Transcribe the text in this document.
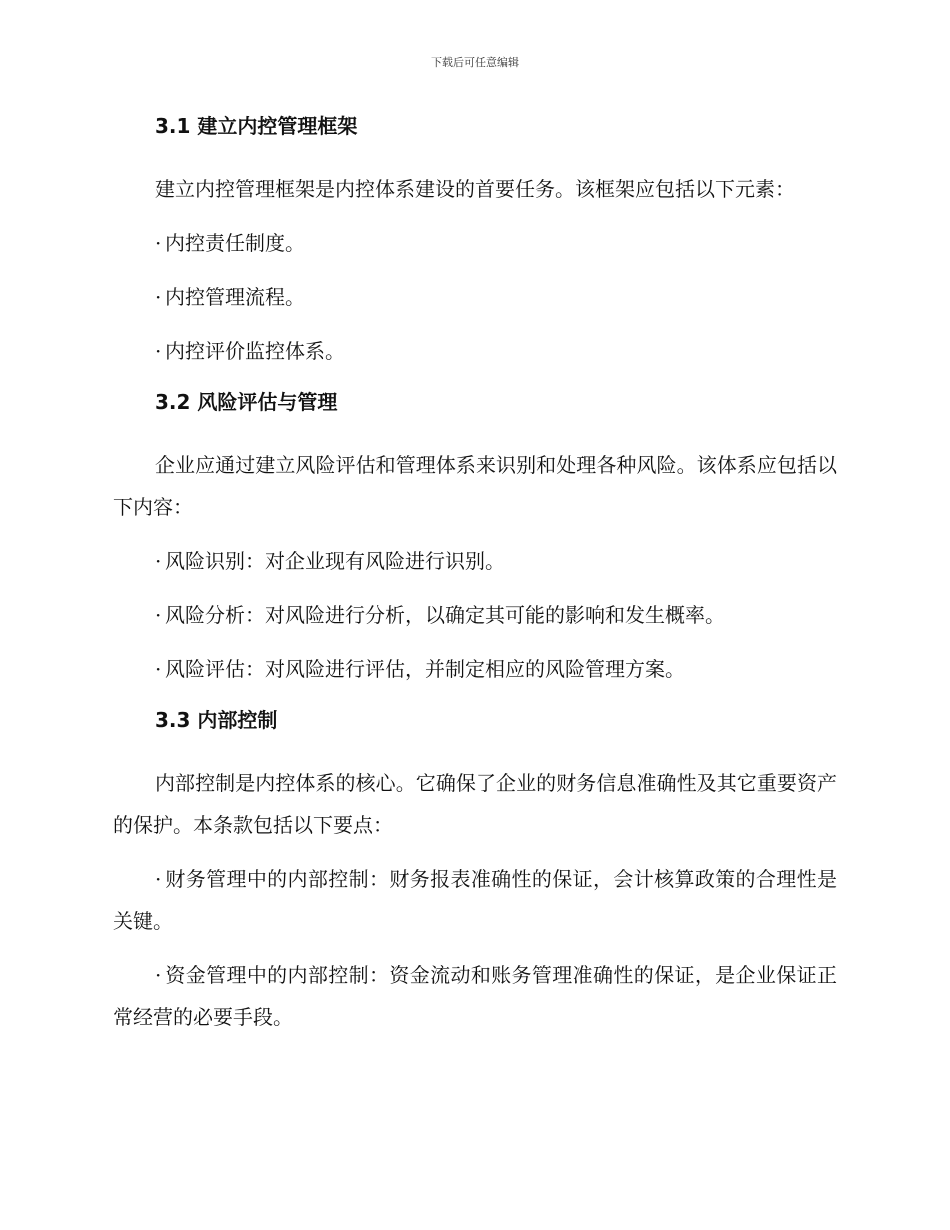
下载后可任意编辑
3.1 建立内控管理框架

建立内控管理框架是内控体系建设的首要任务。该框架应包括以下元素：

· 内控责任制度。

· 内控管理流程。

· 内控评价监控体系。

3.2 风险评估与管理

企业应通过建立风险评估和管理体系来识别和处理各种风险。该体系应包括以下内容：

· 风险识别：对企业现有风险进行识别。

· 风险分析：对风险进行分析，以确定其可能的影响和发生概率。

· 风险评估：对风险进行评估，并制定相应的风险管理方案。

3.3 内部控制

内部控制是内控体系的核心。它确保了企业的财务信息准确性及其它重要资产的保护。本条款包括以下要点：

· 财务管理中的内部控制：财务报表准确性的保证，会计核算政策的合理性是关键。

· 资金管理中的内部控制：资金流动和账务管理准确性的保证，是企业保证正常经营的必要手段。
